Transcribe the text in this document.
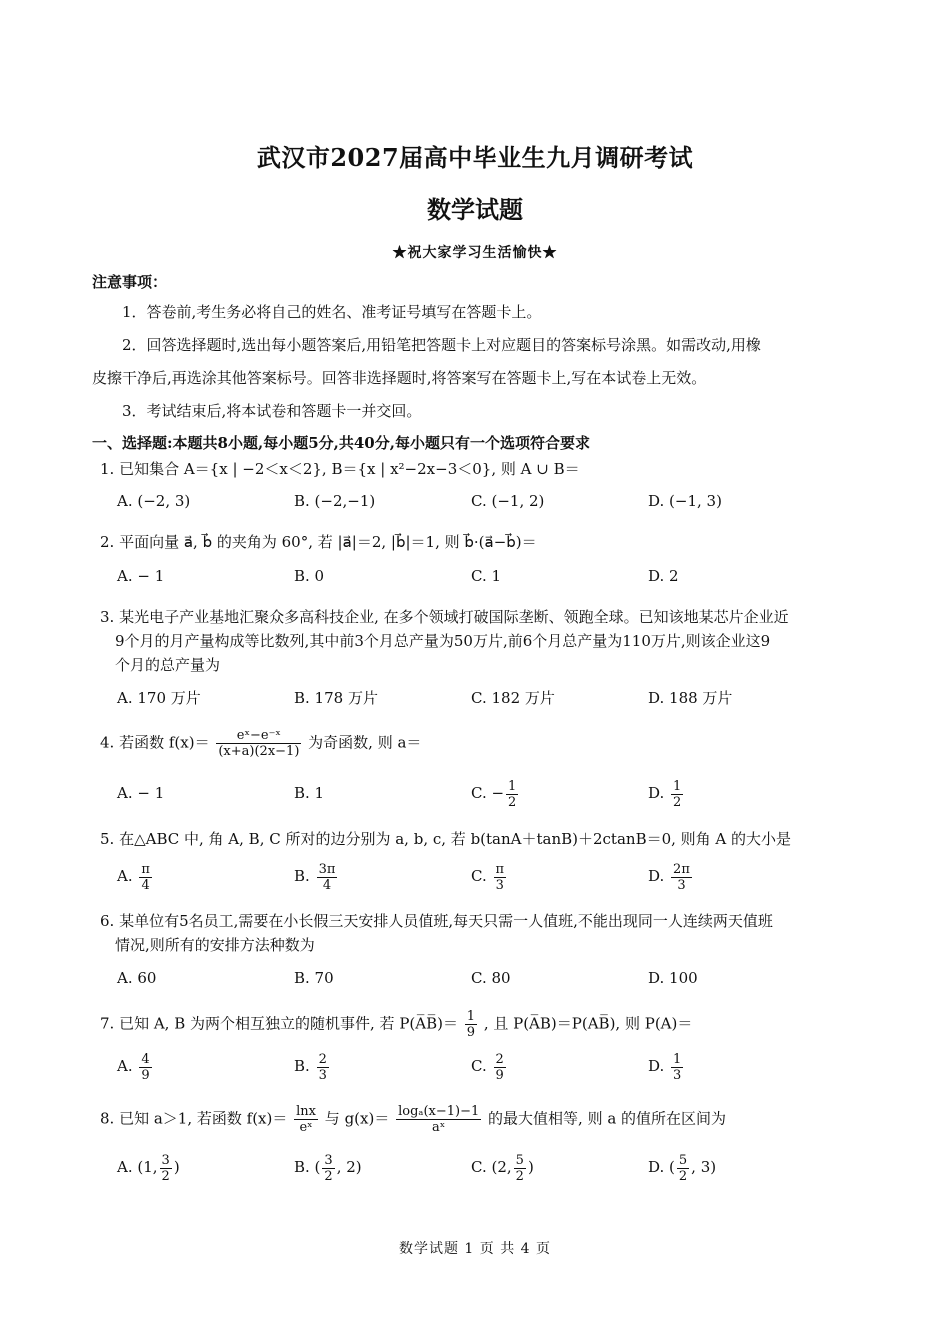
武汉市2027届高中毕业生九月调研考试
数学试题
★祝大家学习生活愉快★
注意事项：
1．答卷前,考生务必将自己的姓名、准考证号填写在答题卡上。
2．回答选择题时,选出每小题答案后,用铅笔把答题卡上对应题目的答案标号涂黑。如需改动,用橡
皮擦干净后,再选涂其他答案标号。回答非选择题时,将答案写在答题卡上,写在本试卷上无效。
3．考试结束后,将本试卷和答题卡一并交回。
一、选择题:本题共8小题,每小题5分,共40分,每小题只有一个选项符合要求
1. 已知集合 A＝{x | −2＜x＜2}, B＝{x | x²−2x−3＜0}, 则 A ∪ B＝
A. (−2, 3)	B. (−2,−1)	C. (−1, 2)	D. (−1, 3)
2. 平面向量 a⃗, b⃗ 的夹角为 60°, 若 |a⃗|＝2, |b⃗|＝1, 则 b⃗·(a⃗−b⃗)＝
A. − 1	B. 0	C. 1	D. 2
3. 某光电子产业基地汇聚众多高科技企业, 在多个领域打破国际垄断、领跑全球。已知该地某芯片企业近
9个月的月产量构成等比数列,其中前3个月总产量为50万片,前6个月总产量为110万片,则该企业这9
个月的总产量为
A. 170 万片	B. 178 万片	C. 182 万片	D. 188 万片
4. 若函数 $f(x)= \frac{\text{eˣ−e⁻ˣ}}{(x+a)(2x-1)}$ 为奇函数, 则 a＝
A. − 1	B. 1	C. − $\frac{1}{2}$	D. $\frac{1}{2}$
5. 在△ABC 中, 角 A, B, C 所对的边分别为 a, b, c, 若 b(tanA＋tanB)＋2ctanB＝0, 则角 A 的大小是
A. $\frac{\pi}{4}$	B. $\frac{3\pi}{4}$	C. $\frac{\pi}{3}$	D. $\frac{2\pi}{3}$
6. 某单位有5名员工,需要在小长假三天安排人员值班,每天只需一人值班,不能出现同一人连续两天值班
情况,则所有的安排方法种数为
A. 60	B. 70	C. 80	D. 100
7. 已知 A, B 为两个相互独立的随机事件, 若 P(A̅B̅)＝ $\frac{1}{9}$ , 且 P(A̅B)＝P(AB̅), 则 P(A)＝
A. $\frac{4}{9}$	B. $\frac{2}{3}$	C. $\frac{2}{9}$	D. $\frac{1}{3}$
8. 已知 a＞1, 若函数 $f(x)= \frac{\ln x}{\text{eˣ}}$ 与 $g(x)= \frac{\text{logₐ(x−1)−1}}{\text{aˣ}}$ 的最大值相等, 则 a 的值所在区间为
A. (1, $\frac{3}{2}$ )	B. ( $\frac{3}{2}$ , 2)	C. (2, $\frac{5}{2}$ )	D. ( $\frac{5}{2}$ , 3)
数学试题 1 页 共 4 页
